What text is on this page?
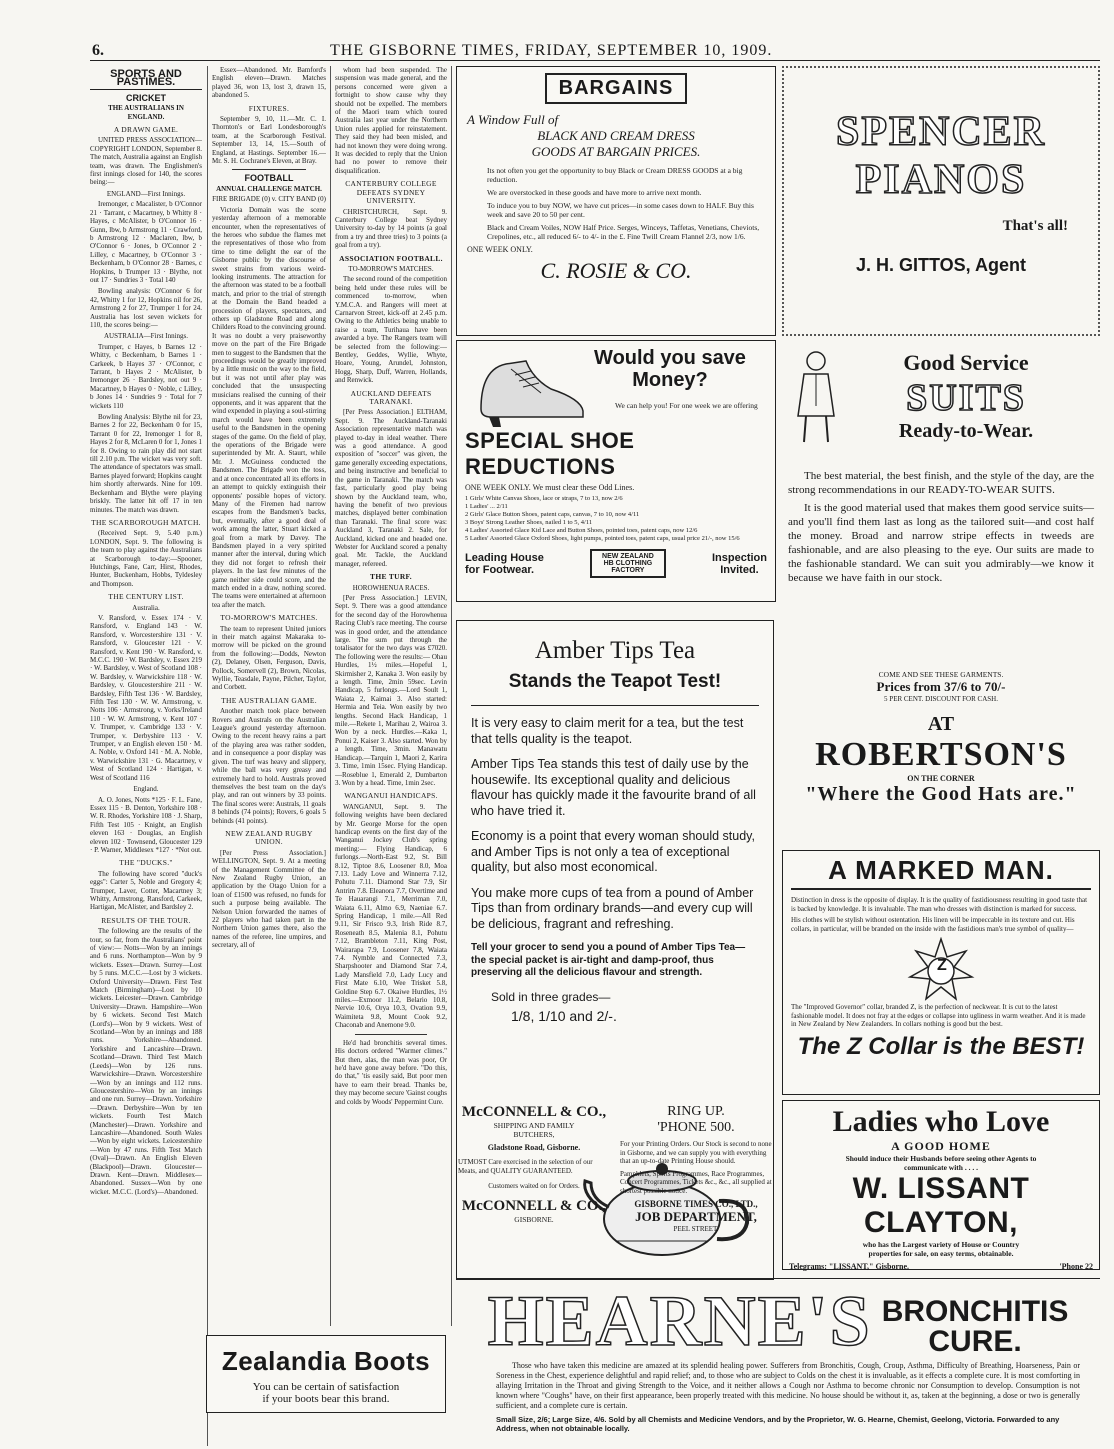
6.	THE GISBORNE TIMES, FRIDAY, SEPTEMBER 10, 1909.
SPORTS AND PASTIMES.
CRICKET
THE AUSTRALIANS IN ENGLAND.
A DRAWN GAME.

UNITED PRESS ASSOCIATION—COPYRIGHT LONDON, September 8. The match, Australia against an English team, was drawn. The Englishmen's first innings closed for 140, the scores being:—

ENGLAND—First Innings.

Iremonger, c Macalister, b O'Connor 21 · Tarrant, c Macartney, b Whitty 8 · Hayes, c McAlister, b O'Connor 16 · Gunn, lbw, b Armstrong 11 · Crawford, b Armstrong 12 · Maclaren, lbw, b O'Connor 6 · Jones, b O'Connor 2 · Lilley, c Macartney, b O'Connor 3 · Beckenham, b O'Connor 28 · Barnes, c Hopkins, b Trumper 13 · Blythe, not out 17 · Sundries 3 · Total 140

Bowling analysis: O'Connor 6 for 42, Whitty 1 for 12, Hopkins nil for 26, Armstrong 2 for 27, Trumper 1 for 24. Australia has lost seven wickets for 110, the scores being:—

AUSTRALIA—First Innings.

Trumper, c Hayes, b Barnes 12 · Whitty, c Beckenham, b Barnes 1 · Carkeek, b Hayes 37 · O'Connor, c Tarrant, b Hayes 2 · McAlister, b Iremonger 26 · Bardsley, not out 9 · Macartney, b Hayes 0 · Noble, c Lilley, b Jones 14 · Sundries 9 · Total for 7 wickets 110

Bowling Analysis: Blythe nil for 23, Barnes 2 for 22, Beckenham 0 for 15, Tarrant 0 for 22, Iremonger 1 for 8, Hayes 2 for 8, McLaren 0 for 1, Jones 1 for 8. Owing to rain play did not start till 2.10 p.m. The wicket was very soft. The attendance of spectators was small. Barnes played forward; Hopkins caught him shortly afterwards. Nine for 109. Beckenham and Blythe were playing briskly. The latter hit off 17 in ten minutes. The match was drawn.

THE SCARBOROUGH MATCH.

(Received Sept. 9, 5.40 p.m.) LONDON, Sept. 9. The following is the team to play against the Australians at Scarborough to-day:—Spooner, Hutchings, Fane, Carr, Hirst, Rhodes, Hunter, Buckenham, Hobbs, Tyldesley and Thompson.

THE CENTURY LIST.
Australia.

V. Ransford, v. Essex 174 · V. Ransford, v. England 143 · W. Ransford, v. Worcestershire 131 · V. Ransford, v. Gloucester 121 · V. Ransford, v. Kent 190 · W. Ransford, v. M.C.C. 190 · W. Bardsley, v. Essex 219 · W. Bardsley, v. West of Scotland 108 · W. Bardsley, v. Warwickshire 118 · W. Bardsley, v. Gloucestershire 211 · W. Bardsley, Fifth Test 136 · W. Bardsley, Fifth Test 130 · W. W. Armstrong, v. Notts 106 · Armstrong, v. Yorks/Ireland 110 · W. W. Armstrong, v. Kent 107 · V. Trumper, v. Cambridge 133 · V. Trumper, v. Derbyshire 113 · V. Trumper, v an English eleven 150 · M. A. Noble, v. Oxford 141 · M. A. Noble, v. Warwickshire 131 · G. Macartney, v West of Scotland 124 · Hartigan, v. West of Scotland 116

England.

A. O. Jones, Notts *125 · F. L. Fane, Essex 115 · B. Denton, Yorkshire 108 · W. R. Rhodes, Yorkshire 108 · J. Sharp, Fifth Test 105 · Knight, an English eleven 163 · Douglas, an English eleven 102 · Townsend, Gloucester 129 · P. Warner, Middlesex *127 · *Not out.

THE "DUCKS."

The following have scored "duck's eggs": Carter 5, Noble and Gregory 4; Trumper, Laver, Cotter, Macartney 3; Whitty, Armstrong, Ransford, Carkeek, Hartigan, McAlister, and Bardsley 2.

RESULTS OF THE TOUR.

The following are the results of the tour, so far, from the Australians' point of view:— Notts—Won by an innings and 6 runs. Northampton—Won by 9 wickets. Essex—Drawn. Surrey—Lost by 5 runs. M.C.C.—Lost by 3 wickets. Oxford University—Drawn. First Test Match (Birmingham)—Lost by 10 wickets. Leicester—Drawn. Cambridge University—Drawn. Hampshire—Won by 6 wickets. Second Test Match (Lord's)—Won by 9 wickets. West of Scotland—Won by an innings and 188 runs. Yorkshire—Abandoned. Yorkshire and Lancashire—Drawn. Scotland—Drawn. Third Test Match (Leeds)—Won by 126 runs. Warwickshire—Drawn. Worcestershire—Won by an innings and 112 runs. Gloucestershire—Won by an innings and one run. Surrey—Drawn. Yorkshire—Drawn. Derbyshire—Won by ten wickets. Fourth Test Match (Manchester)—Drawn. Yorkshire and Lancashire—Abandoned. South Wales—Won by eight wickets. Leicestershire—Won by 47 runs. Fifth Test Match (Oval)—Drawn. An English Eleven (Blackpool)—Drawn. Gloucester—Drawn. Kent—Drawn. Middlesex—Abandoned. Sussex—Won by one wicket. M.C.C. (Lord's)—Abandoned.

Essex—Abandoned. Mr. Bamford's English eleven—Drawn. Matches played 36, won 13, lost 3, drawn 15, abandoned 5.

FIXTURES.

September 9, 10, 11.—Mr. C. I. Thornton's or Earl Londesborough's team, at the Scarborough Festival. September 13, 14, 15.—South of England, at Hastings. September 16.—Mr. S. H. Cochrane's Eleven, at Bray.

FOOTBALL
ANNUAL CHALLENGE MATCH.
FIRE BRIGADE (0) v. CITY BAND (0)

Victoria Domain was the scene yesterday afternoon of a memorable encounter, when the representatives of the heroes who subdue the flames met the representatives of those who from time to time delight the ear of the Gisborne public by the discourse of sweet strains from various weird-looking instruments. The attraction for the afternoon was stated to be a football match, and prior to the trial of strength at the Domain the Band headed a procession of players, spectators, and others up Gladstone Road and along Childers Road to the convincing ground. It was no doubt a very praiseworthy move on the part of the Fire Brigade men to suggest to the Bandsmen that the proceedings would be greatly improved by a little music on the way to the field, but it was not until after play was concluded that the unsuspecting musicians realised the cunning of their opponents, and it was apparent that the wind expended in playing a soul-stirring march would have been extremely useful to the Bandsmen in the opening stages of the game. On the field of play, the operations of the Brigade were superintended by Mr. A. Staurt, while Mr. J. McGuiness conducted the Bandsmen. The Brigade won the toss, and at once concentrated all its efforts in an attempt to quickly extinguish their opponents' possible hopes of victory. Many of the Firemen had narrow escapes from the Bandsmen's backs, but, eventually, after a good deal of work among the latter, Stuart kicked a goal from a mark by Davey. The Bandsmen played in a very spirited manner after the interval, during which they did not forget to refresh their players. In the last few minutes of the game neither side could score, and the match ended in a draw, nothing scored. The teams were entertained at afternoon tea after the match.

TO-MORROW'S MATCHES.

The team to represent United juniors in their match against Makaraka to-morrow will be picked on the ground from the following:—Dodds, Newton (2), Delaney, Olsen, Ferguson, Davis, Pollock, Somervell (2), Brown, Nicolas, Wyllie, Teasdale, Payne, Pilcher, Taylor, and Corbett.

THE AUSTRALIAN GAME.

Another match took place between Rovers and Australs on the Australian League's ground yesterday afternoon. Owing to the recent heavy rains a part of the playing area was rather sodden, and in consequence a poor display was given. The turf was heavy and slippery, while the ball was very greasy and extremely hard to hold. Australs proved themselves the best team on the day's play, and ran out winners by 33 points. The final scores were: Australs, 11 goals 8 behinds (74 points); Rovers, 6 goals 5 behinds (41 points).

NEW ZEALAND RUGBY UNION.

[Per Press Association.] WELLINGTON, Sept. 9. At a meeting of the Management Committee of the New Zealand Rugby Union, an application by the Otago Union for a loan of £1500 was refused, no funds for such a purpose being available. The Nelson Union forwarded the names of 22 players who had taken part in the Northern Union games there, also the names of the referee, line umpires, and secretary, all of

Zealandia Boots
You can be certain of satisfaction
if your boots bear this brand.

whom had been suspended. The suspension was made general, and the persons concerned were given a fortnight to show cause why they should not be expelled. The members of the Maori team which toured Australia last year under the Northern Union rules applied for reinstatement. They said they had been misled, and had not known they were doing wrong. It was decided to reply that the Union had no power to remove their disqualification.

CANTERBURY COLLEGE DEFEATS SYDNEY UNIVERSITY.

CHRISTCHURCH, Sept. 9. Canterbury College beat Sydney University to-day by 14 points (a goal from a try and three tries) to 3 points (a goal from a try).

ASSOCIATION FOOTBALL.
TO-MORROW'S MATCHES.

The second round of the competition being held under these rules will be commenced to-morrow, when Y.M.C.A. and Rangers will meet at Carnarvon Street, kick-off at 2.45 p.m. Owing to the Athletics being unable to raise a team, Turihaua have been awarded a bye. The Rangers team will be selected from the following:—Bentley, Geddes, Wyllie, Whyte, Hoare, Young, Arundel, Johnston, Hogg, Sharp, Duff, Warren, Hollands, and Renwick.

AUCKLAND DEFEATS TARANAKI.

[Per Press Association.] ELTHAM, Sept. 9. The Auckland-Taranaki Association representative match was played to-day in ideal weather. There was a good attendance. A good exposition of "soccer" was given, the game generally exceeding expectations, and being instructive and beneficial to the game in Taranaki. The match was fast, particularly good play being shown by the Auckland team, who, having the benefit of two previous matches, displayed better combination than Taranaki. The final score was: Auckland 3, Taranaki 2. Sale, for Auckland, kicked one and headed one. Webster for Auckland scored a penalty goal. Mr. Tackle, the Auckland manager, refereed.

THE TURF.
HOROWHENUA RACES.

[Per Press Association.] LEVIN, Sept. 9. There was a good attendance for the second day of the Horowhenua Racing Club's race meeting. The course was in good order, and the attendance large. The sum put through the totalisator for the two days was £7020. The following were the results:— Ohau Hurdles, 1½ miles.—Hopeful 1, Skirmisher 2, Kanaka 3. Won easily by a length. Time, 2min 59sec. Levin Handicap, 5 furlongs.—Lord Soult 1, Waiata 2, Kaimai 3. Also started: Hermia and Teia. Won easily by two lengths. Second Hack Handicap, 1 mile.—Rekete 1, Marihau 2, Wairoa 3. Won by a neck. Hurdles.—Kaka 1, Ponui 2, Kaiser 3. Also started. Won by a length. Time, 3min. Manawatu Handicap.—Tarquin 1, Maori 2, Karira 3. Time, 1min 15sec. Flying Handicap.—Roseblue 1, Emerald 2, Dumbarton 3. Won by a head. Time, 1min 2sec.

WANGANUI HANDICAPS.

WANGANUI, Sept. 9. The following weights have been declared by Mr. George Morse for the open handicap events on the first day of the Wanganui Jockey Club's spring meeting:— Flying Handicap, 6 furlongs.—North-East 9.2, St. Bill 8.12, Tiptoe 8.6, Loosener 8.0, Moa 7.13. Lady Love and Winnerra 7.12, Pohutu 7.11. Diamond Star 7.9, Sir Antrim 7.8. Eleanora 7.7, Overtime and Te Hauarangi 7.1, Merriman 7.0, Waiata 6.11, Almo 6.9, Naeniae 6.7. Spring Handicap, 1 mile.—All Red 9.11, Sir Frisco 9.3, Irish Ride 8.7, Roseneath 8.5, Malenia 8.1, Pohutu 7.12, Brambleton 7.11, King Post, Wairarapa 7.9, Loosener 7.8, Waiata 7.4. Nymble and Connected 7.3, Sharpshooter and Diamond Star 7.4, Lady Mansfield 7.0, Lady Lucy and First Mate 6.10, Wee Trisket 5.8, Goldine Step 6.7. Okaiwe Hurdles, 1½ miles.—Exmoor 11.2, Belario 10.8, Nervie 10.6, Orya 10.3, Ovation 9.9, Waimiteta 9.8, Mount Cook 9.2, Chaconab and Anemone 9.0.

He'd had bronchitis several times. His doctors ordered "Warmer climes." But then, alas, the man was poor, Or he'd have gone away before. "Do this, do that," 'tis easily said, But poor men have to earn their bread. Thanks be, they may become secure 'Gainst coughs and colds by Woods' Peppermint Cure.

BARGAINS
A Window Full of
BLACK AND CREAM DRESS
GOODS AT BARGAIN PRICES.

Its not often you get the opportunity to buy Black or Cream DRESS GOODS at a big reduction.

We are overstocked in these goods and have more to arrive next month.

To induce you to buy NOW, we have cut prices—in some cases down to HALF. Buy this week and save 20 to 50 per cent.

Black and Cream Voiles, NOW Half Price. Serges, Winceys, Taffetas, Venetians, Cheviots, Crepolines, etc., all reduced 6/- to 4/- in the £. Fine Twill Cream Flannel 2/3, now 1/6.

ONE WEEK ONLY.
C. ROSIE & CO.
SPENCER
PIANOS
That's all!
J. H. GITTOS, Agent
Would you save Money?
We can help you! For one week we are offering
SPECIAL SHOE REDUCTIONS
ONE WEEK ONLY. We must clear these Odd Lines.
1 Girls' White Canvas Shoes, lace or straps, 7 to 13, now 2/6
1 Ladies' ... 2/11
2 Girls' Glace Button Shoes, patent caps, canvas, 7 to 10, now 4/11
3 Boys' Strong Leather Shoes, nailed 1 to 5, 4/11
4 Ladies' Assorted Glace Kid Lace and Button Shoes, pointed toes, patent caps, now 12/6
5 Ladies' Assorted Glace Oxford Shoes, light pumps, pointed toes, patent caps, usual price 21/-, now 15/6
Leading House
for Footwear.
NEW ZEALAND HB CLOTHING FACTORY
Inspection
Invited.
Good Service
SUITS
Ready-to-Wear.

The best material, the best finish, and the style of the day, are the strong recommendations in our READY-TO-WEAR SUITS.

It is the good material used that makes them good service suits—and you'll find them last as long as the tailored suit—and cost half the money. Broad and narrow stripe effects in tweeds are fashionable, and are also pleasing to the eye. Our suits are made to the fashionable standard. We can suit you admirably—we know it because we have faith in our stock.

COME AND SEE THESE GARMENTS.
Prices from 37/6 to 70/-
5 PER CENT. DISCOUNT FOR CASH.
AT
ROBERTSON'S
ON THE CORNER
"Where the Good Hats are."
Amber Tips Tea
Stands the Teapot Test!

It is very easy to claim merit for a tea, but the test that tells quality is the teapot.

Amber Tips Tea stands this test of daily use by the housewife. Its exceptional quality and delicious flavour has quickly made it the favourite brand of all who have tried it.

Economy is a point that every woman should study, and Amber Tips is not only a tea of exceptional quality, but also most economical.

You make more cups of tea from a pound of Amber Tips than from ordinary brands—and every cup will be delicious, fragrant and refreshing.

Tell your grocer to send you a pound of Amber Tips Tea—the special packet is air-tight and damp-proof, thus preserving all the delicious flavour and strength.

Sold in three grades—
1/8, 1/10 and 2/-.
A MARKED MAN.

Distinction in dress is the opposite of display. It is the quality of fastidiousness resulting in good taste that is backed by knowledge. It is invaluable. The man who dresses with distinction is marked for success.

His clothes will be stylish without ostentation. His linen will be impeccable in its texture and cut. His collars, in particular, will be branded on the inside with the fastidious man's true symbol of quality—

Z

The "Improved Governor" collar, branded Z, is the perfection of neckwear. It is cut to the latest fashionable model. It does not fray at the edges or collapse into ugliness in warm weather. And it is made in New Zealand by New Zealanders. In collars nothing is good but the best.

The Z Collar is the BEST!
McCONNELL & CO.,
SHIPPING AND FAMILY
BUTCHERS,
Gladstone Road, Gisborne.

UTMOST Care exercised in the selection of our Meats, and QUALITY GUARANTEED.

Customers waited on for Orders.
McCONNELL & CO.,
GISBORNE.
RING UP.
'PHONE 500.

For your Printing Orders. Our Stock is second to none in Gisborne, and we can supply you with everything that an up-to-date Printing House should.

Pamphlets, Sports Programmes, Race Programmes, Concert Programmes, Tickets &c., &c., all supplied at shortest possible notice.

GISBORNE TIMES CO., LTD.,
JOB DEPARTMENT,
PEEL STREET.
Ladies who Love
A GOOD HOME
Should induce their Husbands before seeing other Agents to communicate with . . . .
W. LISSANT CLAYTON,
who has the Largest variety of House or Country properties for sale, on easy terms, obtainable.
Telegrams: "LISSANT," Gisborne.	'Phone 22
HEARNE'S BRONCHITIS
CURE.

Those who have taken this medicine are amazed at its splendid healing power. Sufferers from Bronchitis, Cough, Croup, Asthma, Difficulty of Breathing, Hoarseness, Pain or Soreness in the Chest, experience delightful and rapid relief; and, to those who are subject to Colds on the chest it is invaluable, as it effects a complete cure. It is most comforting in allaying Irritation in the Throat and giving Strength to the Voice, and it neither allows a Cough nor Asthma to become chronic nor Consumption to develop. Consumption is not known where "Coughs" have, on their first appearance, been properly treated with this medicine. No house should be without it, as, taken at the beginning, a dose or two is generally sufficient, and a complete cure is certain.

Small Size, 2/6; Large Size, 4/6. Sold by all Chemists and Medicine Vendors, and by the Proprietor, W. G. Hearne, Chemist, Geelong, Victoria. Forwarded to any Address, when not obtainable locally.
